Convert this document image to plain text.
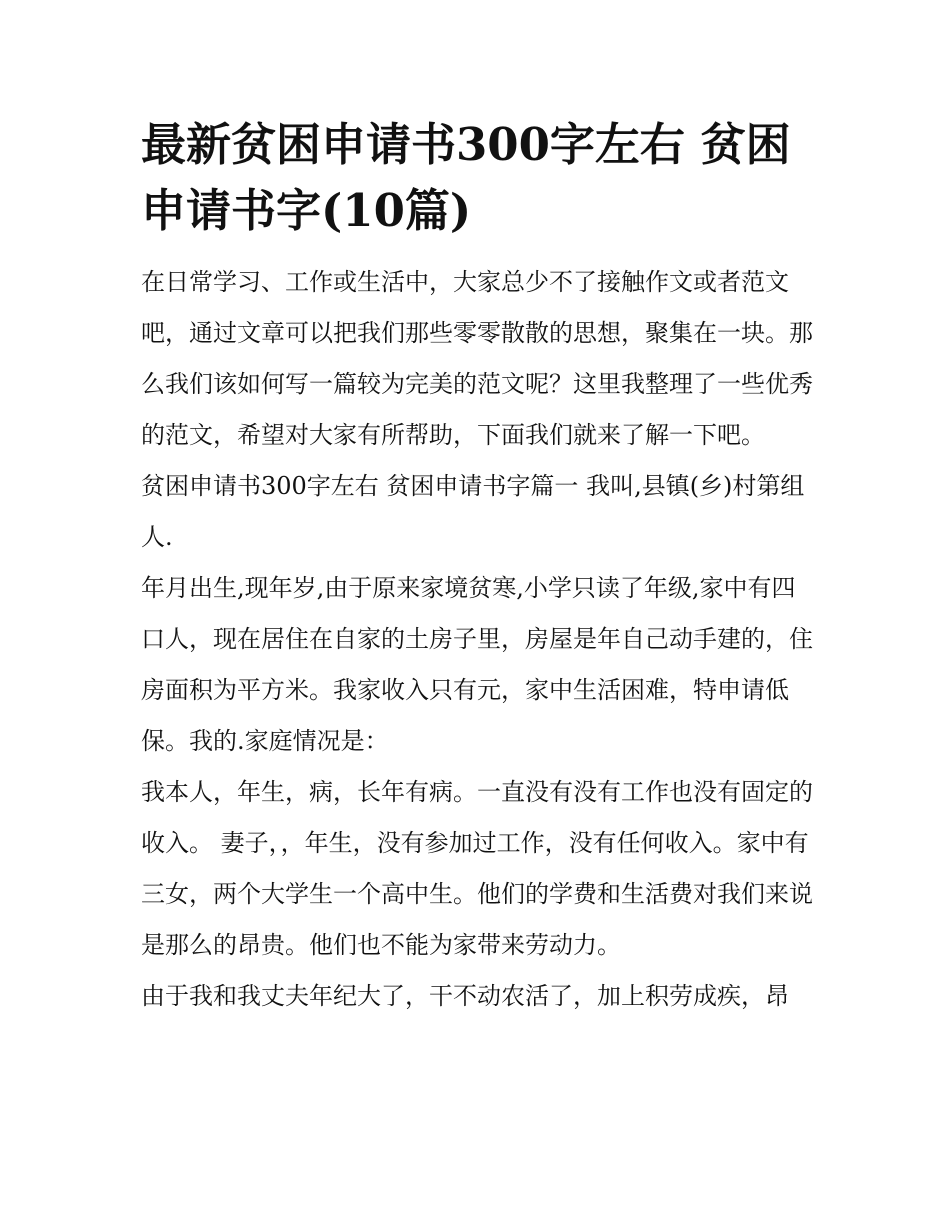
最新贫困申请书300字左右 贫困申请书字(10篇)

在日常学习、工作或生活中，大家总少不了接触作文或者范文吧，通过文章可以把我们那些零零散散的思想，聚集在一块。那么我们该如何写一篇较为完美的范文呢？这里我整理了一些优秀的范文，希望对大家有所帮助，下面我们就来了解一下吧。

贫困申请书300字左右 贫困申请书字篇一 我叫,县镇(乡)村第组人.

年月出生,现年岁,由于原来家境贫寒,小学只读了年级,家中有四口人，现在居住在自家的土房子里，房屋是年自己动手建的，住房面积为平方米。我家收入只有元，家中生活困难，特申请低保。我的.家庭情况是：

我本人，年生，病，长年有病。一直没有没有工作也没有固定的收入。 妻子，，年生，没有参加过工作，没有任何收入。家中有三女，两个大学生一个高中生。他们的学费和生活费对我们来说是那么的昂贵。他们也不能为家带来劳动力。

由于我和我丈夫年纪大了，干不动农活了，加上积劳成疾，昂
